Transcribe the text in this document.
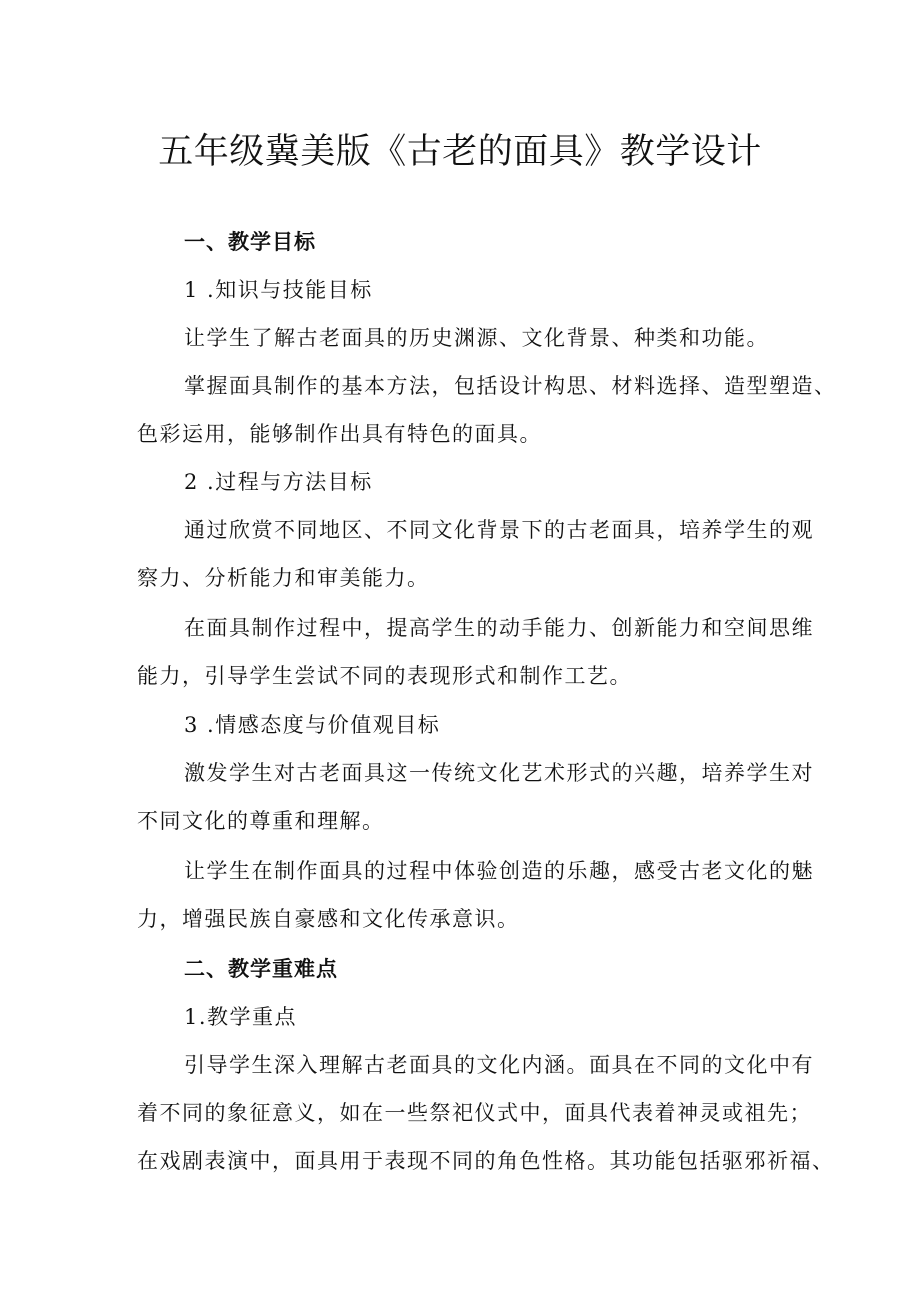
五年级冀美版《古老的面具》教学设计
一、教学目标
1 .知识与技能目标
让学生了解古老面具的历史渊源、文化背景、种类和功能。
掌握面具制作的基本方法，包括设计构思、材料选择、造型塑造、
色彩运用，能够制作出具有特色的面具。
2 .过程与方法目标
通过欣赏不同地区、不同文化背景下的古老面具，培养学生的观
察力、分析能力和审美能力。
在面具制作过程中，提高学生的动手能力、创新能力和空间思维
能力，引导学生尝试不同的表现形式和制作工艺。
3 .情感态度与价值观目标
激发学生对古老面具这一传统文化艺术形式的兴趣，培养学生对
不同文化的尊重和理解。
让学生在制作面具的过程中体验创造的乐趣，感受古老文化的魅
力，增强民族自豪感和文化传承意识。
二、教学重难点
1.教学重点
引导学生深入理解古老面具的文化内涵。面具在不同的文化中有
着不同的象征意义，如在一些祭祀仪式中，面具代表着神灵或祖先；
在戏剧表演中，面具用于表现不同的角色性格。其功能包括驱邪祈福、
